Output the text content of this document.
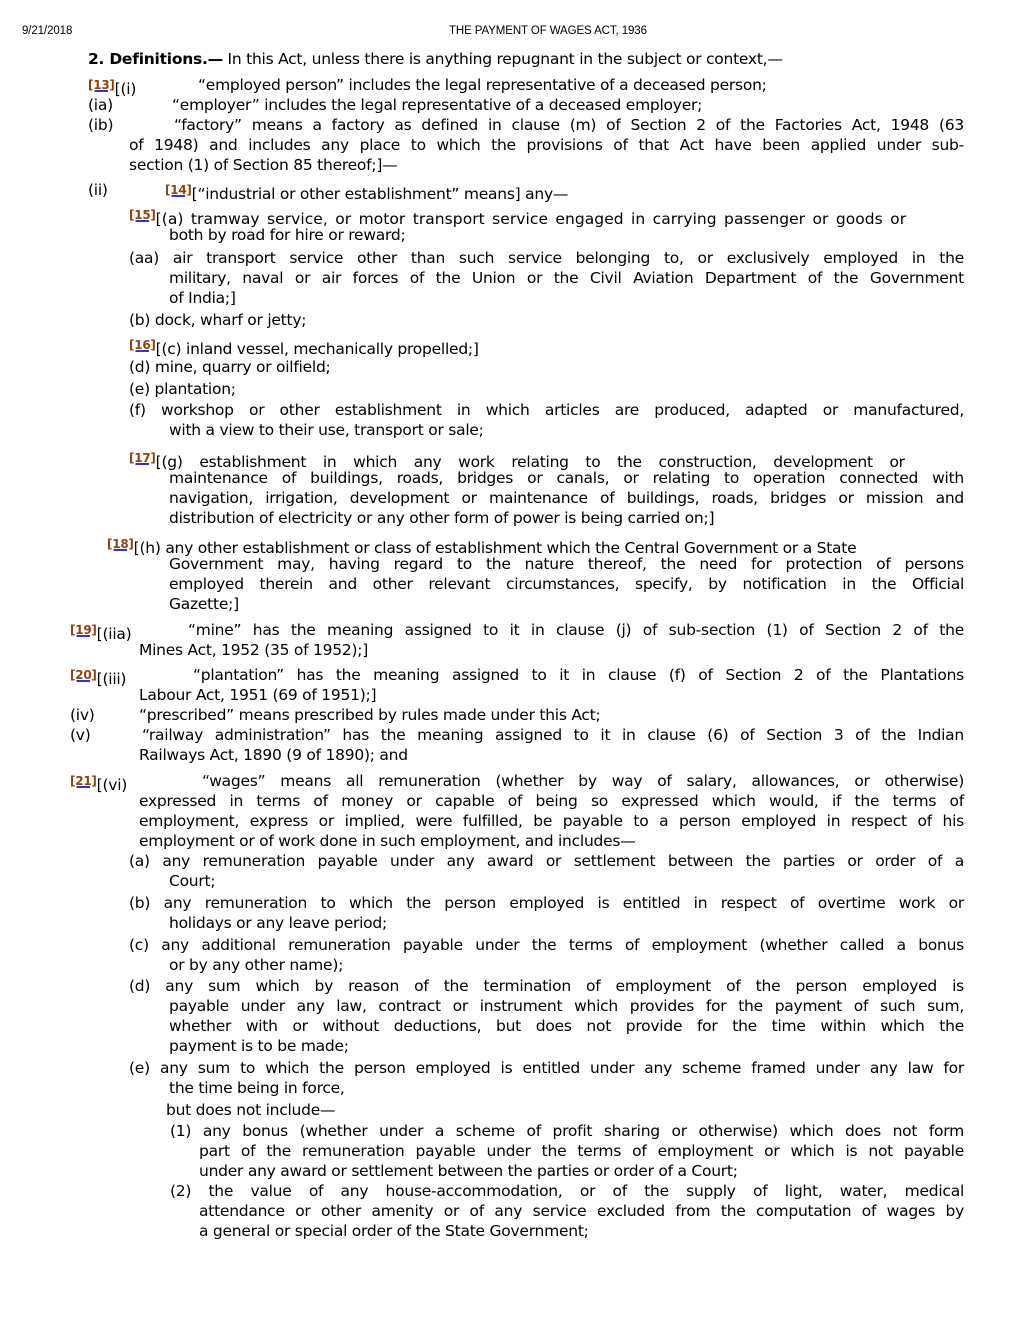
9/21/2018	THE PAYMENT OF WAGES ACT, 1936
2. Definitions.— In this Act, unless there is anything repugnant in the subject or context,—
[13][(i)	“employed person” includes the legal representative of a deceased person;
(ia)	“employer” includes the legal representative of a deceased employer;
(ib)	“factory” means a factory as defined in clause (m) of Section 2 of the Factories Act, 1948 (63
of 1948) and includes any place to which the provisions of that Act have been applied under sub-
section (1) of Section 85 thereof;]—
(ii)	[14][“industrial or other establishment” means] any—
[15][(a) tramway service, or motor transport service engaged in carrying passenger or goods or
both by road for hire or reward;
(aa) air transport service other than such service belonging to, or exclusively employed in the
military, naval or air forces of the Union or the Civil Aviation Department of the Government
of India;]
(b) dock, wharf or jetty;
[16][(c) inland vessel, mechanically propelled;]
(d) mine, quarry or oilfield;
(e) plantation;
(f) workshop or other establishment in which articles are produced, adapted or manufactured,
with a view to their use, transport or sale;
[17][(g) establishment in which any work relating to the construction, development or
maintenance of buildings, roads, bridges or canals, or relating to operation connected with
navigation, irrigation, development or maintenance of buildings, roads, bridges or mission and
distribution of electricity or any other form of power is being carried on;]
[18][(h) any other establishment or class of establishment which the Central Government or a State
Government may, having regard to the nature thereof, the need for protection of persons
employed therein and other relevant circumstances, specify, by notification in the Official
Gazette;]
[19][(iia)	“mine” has the meaning assigned to it in clause (j) of sub-section (1) of Section 2 of the
Mines Act, 1952 (35 of 1952);]
[20][(iii)	“plantation” has the meaning assigned to it in clause (f) of Section 2 of the Plantations
Labour Act, 1951 (69 of 1951);]
(iv)	“prescribed” means prescribed by rules made under this Act;
(v)	“railway administration” has the meaning assigned to it in clause (6) of Section 3 of the Indian
Railways Act, 1890 (9 of 1890); and
[21][(vi)	“wages” means all remuneration (whether by way of salary, allowances, or otherwise)
expressed in terms of money or capable of being so expressed which would, if the terms of
employment, express or implied, were fulfilled, be payable to a person employed in respect of his
employment or of work done in such employment, and includes—
(a) any remuneration payable under any award or settlement between the parties or order of a
Court;
(b) any remuneration to which the person employed is entitled in respect of overtime work or
holidays or any leave period;
(c) any additional remuneration payable under the terms of employment (whether called a bonus
or by any other name);
(d) any sum which by reason of the termination of employment of the person employed is
payable under any law, contract or instrument which provides for the payment of such sum,
whether with or without deductions, but does not provide for the time within which the
payment is to be made;
(e) any sum to which the person employed is entitled under any scheme framed under any law for
the time being in force,
but does not include—
(1) any bonus (whether under a scheme of profit sharing or otherwise) which does not form
part of the remuneration payable under the terms of employment or which is not payable
under any award or settlement between the parties or order of a Court;
(2) the value of any house-accommodation, or of the supply of light, water, medical
attendance or other amenity or of any service excluded from the computation of wages by
a general or special order of the State Government;
